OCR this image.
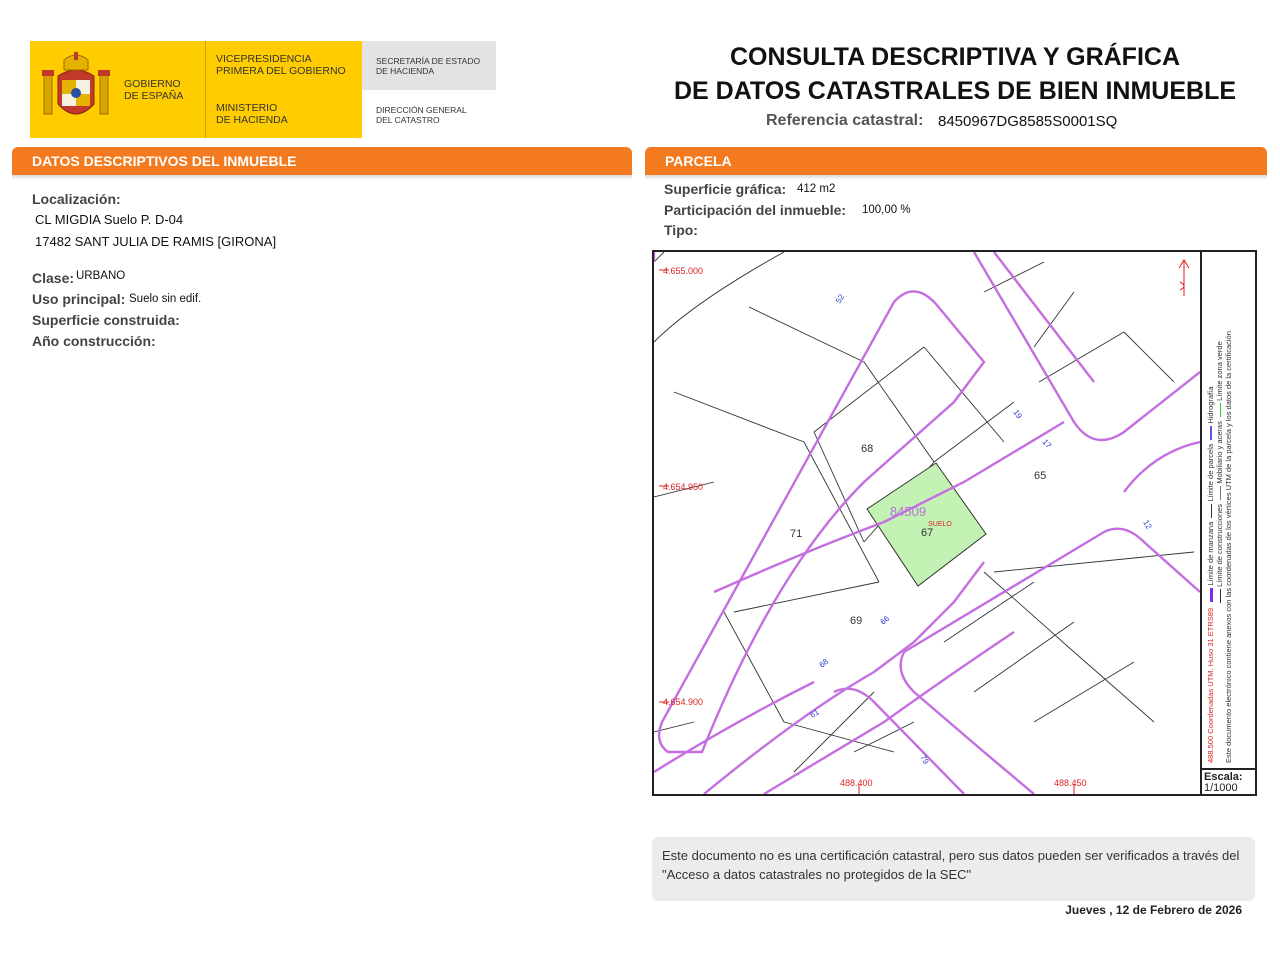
GOBIERNO
DE ESPAÑA
VICEPRESIDENCIA
PRIMERA DEL GOBIERNO
MINISTERIO
DE HACIENDA
SECRETARÍA DE ESTADO
DE HACIENDA
DIRECCIÓN GENERAL
DEL CATASTRO
CONSULTA DESCRIPTIVA Y GRÁFICA
DE DATOS CATASTRALES DE BIEN INMUEBLE
Referencia catastral: 8450967DG8585S0001SQ
DATOS DESCRIPTIVOS DEL INMUEBLE
Localización:
CL MIGDIA Suelo P. D-04
17482 SANT JULIA DE RAMIS [GIRONA]
Clase: URBANO
Uso principal: Suelo sin edif.
Superficie construida:
Año construcción:
PARCELA
Superficie gráfica: 412 m2
Participación del inmueble: 100,00 %
Tipo:
4.655.000
4.654.950
4.654.900
488.400	488.450
84509
SUELO
68
71	67
69
65
52
19
17
12
66
68
61
79	488.500 Coordenadas UTM. Huso 31 ETRS89    Límite de manzana   Límite de parcela   Hidrografía
Límite de construcciones   Mobiliario y aceras   Límite zona verde Este documento electrónico contiene anexos con las coordenadas de los vértices UTM de la parcela y los datos de la certificación
Escala:
1/1000
Este documento no es una certificación catastral, pero sus datos pueden ser verificados a través del "Acceso a datos catastrales no protegidos de la SEC"
Jueves , 12 de Febrero de 2026
